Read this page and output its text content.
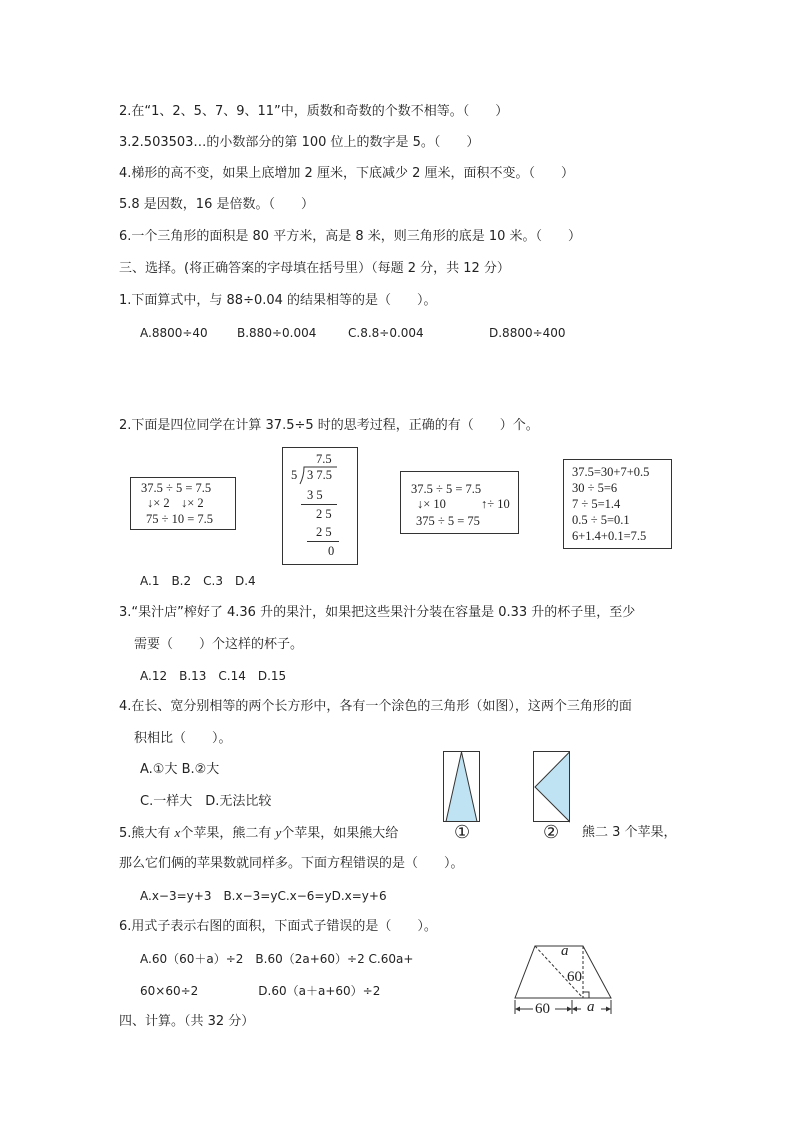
2.在“1、2、5、7、9、11”中，质数和奇数的个数不相等。（　　）
3.2.503503…的小数部分的第 100 位上的数字是 5。（　　）
4.梯形的高不变，如果上底增加 2 厘米，下底减少 2 厘米，面积不变。（　　）
5.8 是因数，16 是倍数。（　　）
6.一个三角形的面积是 80 平方米，高是 8 米，则三角形的底是 10 米。（　　）
三、选择。(将正确答案的字母填在括号里）（每题 2 分，共 12 分）
1.下面算式中，与 88÷0.04 的结果相等的是（　　）。
A.8800÷40 B.880÷0.004	C.8.8÷0.004	D.8800÷400
2.下面是四位同学在计算 37.5÷5 时的思考过程，正确的有（　　）个。
37.5 ÷ 5 = 7.5
↓× 2 ↓× 2
75 ÷ 10 = 7.5
7.5
5 3 7.5
3 5
2 5
2 5
0
37.5 ÷ 5 = 7.5
↓× 10	↑÷ 10
375 ÷ 5 = 75
37.5=30+7+0.5
30 ÷ 5=6
7 ÷ 5=1.4
0.5 ÷ 5=0.1
6+1.4+0.1=7.5
A.1　B.2　C.3　D.4
3.“果汁店”榨好了 4.36 升的果汁，如果把这些果汁分装在容量是 0.33 升的杯子里，至少
需要（　　）个这样的杯子。
A.12　B.13　C.14　D.15
4.在长、宽分别相等的两个长方形中，各有一个涂色的三角形（如图），这两个三角形的面
积相比（　　）。
A.①大 B.②大
C.一样大　D.无法比较
5.熊大有 x个苹果，熊二有 y个苹果，如果熊大给	①	② 熊二 3 个苹果，
那么它们俩的苹果数就同样多。下面方程错误的是（　　）。
A.x−3=y+3　B.x−3=yC.x−6=yD.x=y+6
6.用式子表示右图的面积，下面式子错误的是（　　）。
A.60（60＋a）÷2　B.60（2a+60）÷2 C.60a+
60×60÷2　　　　　D.60（a＋a+60）÷2
a
60
60 a
四、计算。（共 32 分）
